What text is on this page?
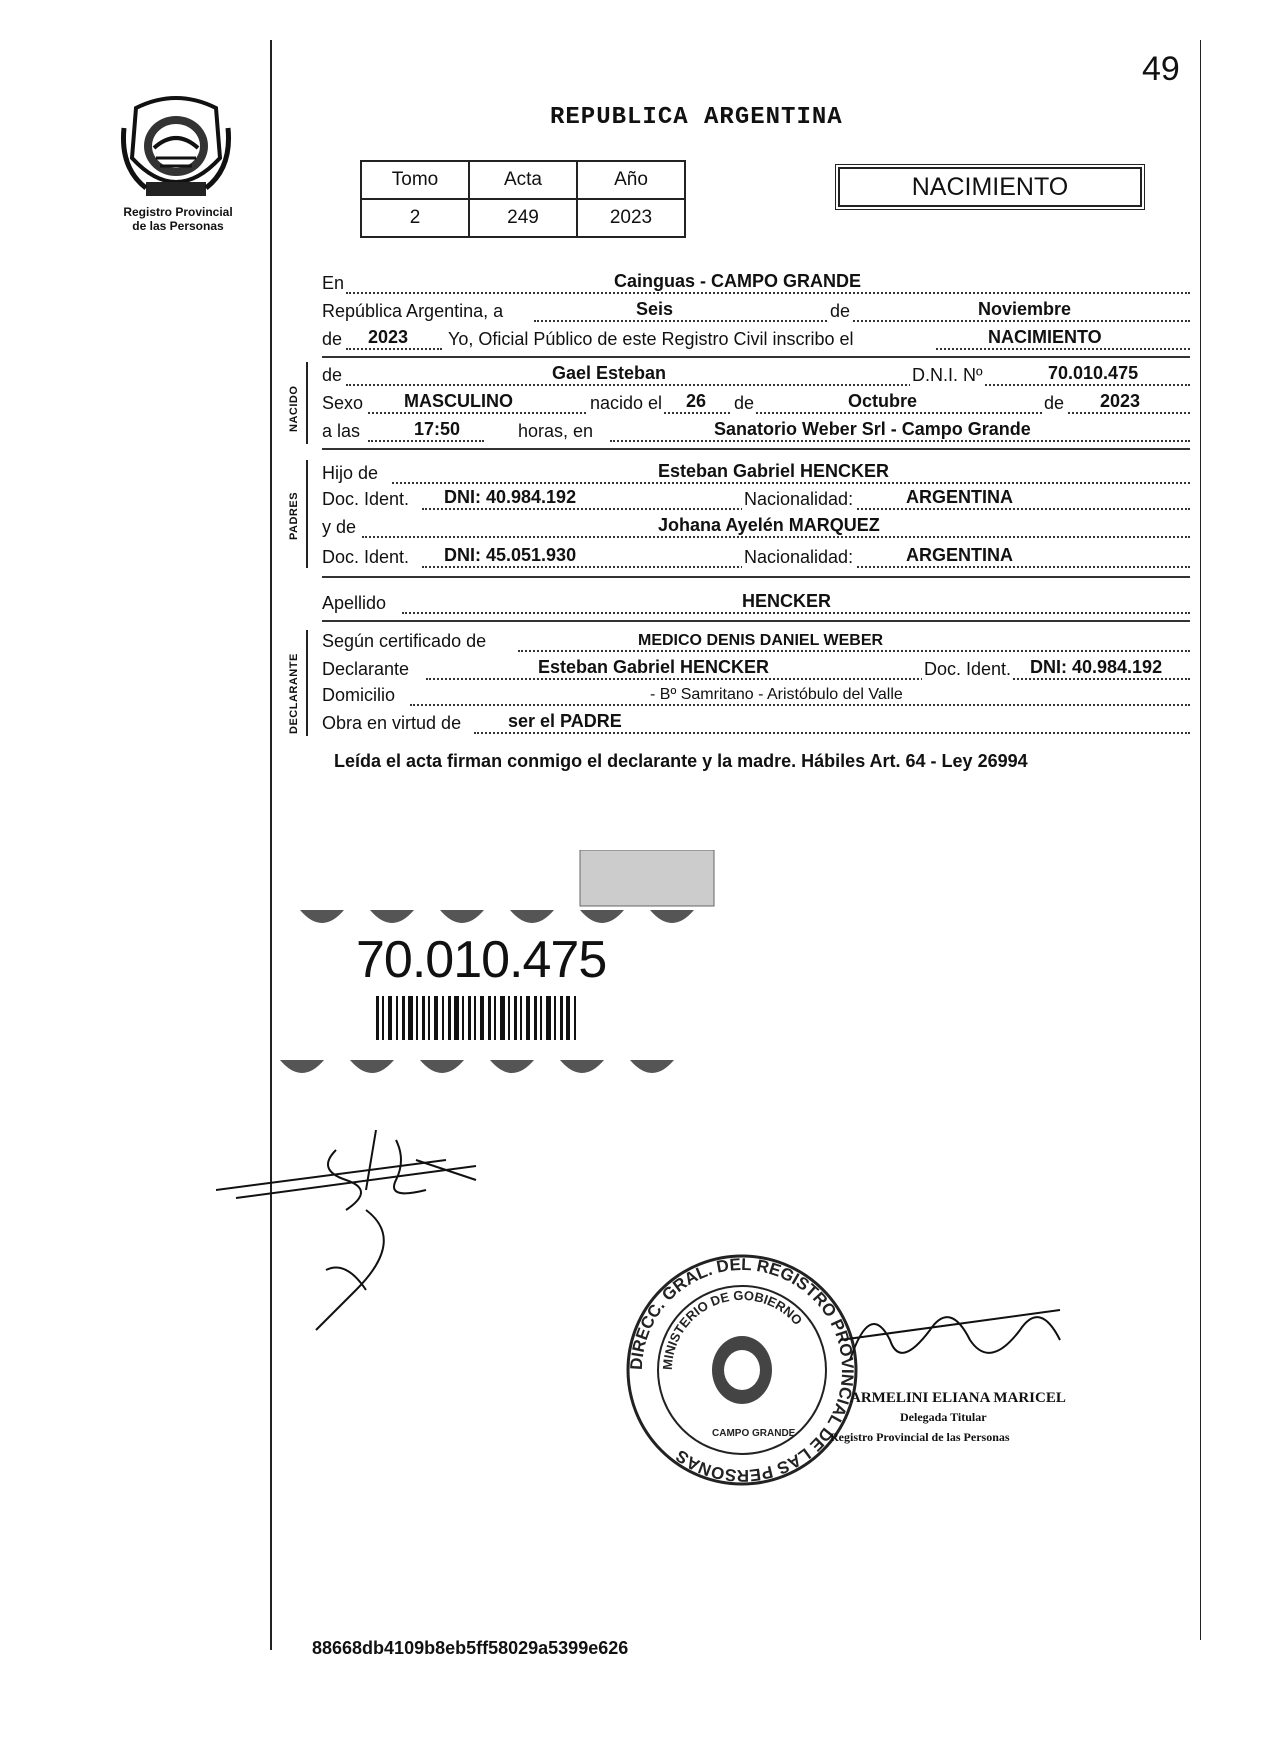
49
Registro Provincial
de las Personas
REPUBLICA ARGENTINA
Tomo	Acta	Año
2	249	2023
NACIMIENTO
En	Cainguas - CAMPO GRANDE
República Argentina, a	Seis	de	Noviembre
de 2023 Yo, Oficial Público de este Registro Civil inscribo el	NACIMIENTO
NACIDO
de	Gael Esteban	D.N.I. Nº	70.010.475
Sexo MASCULINO	nacido el 26 de	Octubre	de 2023
a las	17:50	horas, en	Sanatorio Weber Srl - Campo Grande
PADRES
Hijo de	Esteban Gabriel HENCKER
Doc. Ident. DNI: 40.984.192	Nacionalidad:	ARGENTINA
y de	Johana Ayelén MARQUEZ
Doc. Ident. DNI: 45.051.930	Nacionalidad:	ARGENTINA
Apellido	HENCKER
DECLARANTE
Según certificado de	MEDICO DENIS DANIEL WEBER
Declarante	Esteban Gabriel HENCKER	Doc. Ident. DNI: 40.984.192
Domicilio	- Bº Samritano - Aristóbulo del Valle
Obra en virtud de	ser el PADRE
Leída el acta firman conmigo el declarante y la madre. Hábiles Art. 64 - Ley 26994
70.010.475
DIRECC. GRAL. DEL REGISTRO PROVINCIAL DE LAS PERSONAS
MINISTERIO DE GOBIERNO
CAMPO GRANDE
ARMELINI ELIANA MARICEL
Delegada Titular
Registro Provincial de las Personas
88668db4109b8eb5ff58029a5399e626
